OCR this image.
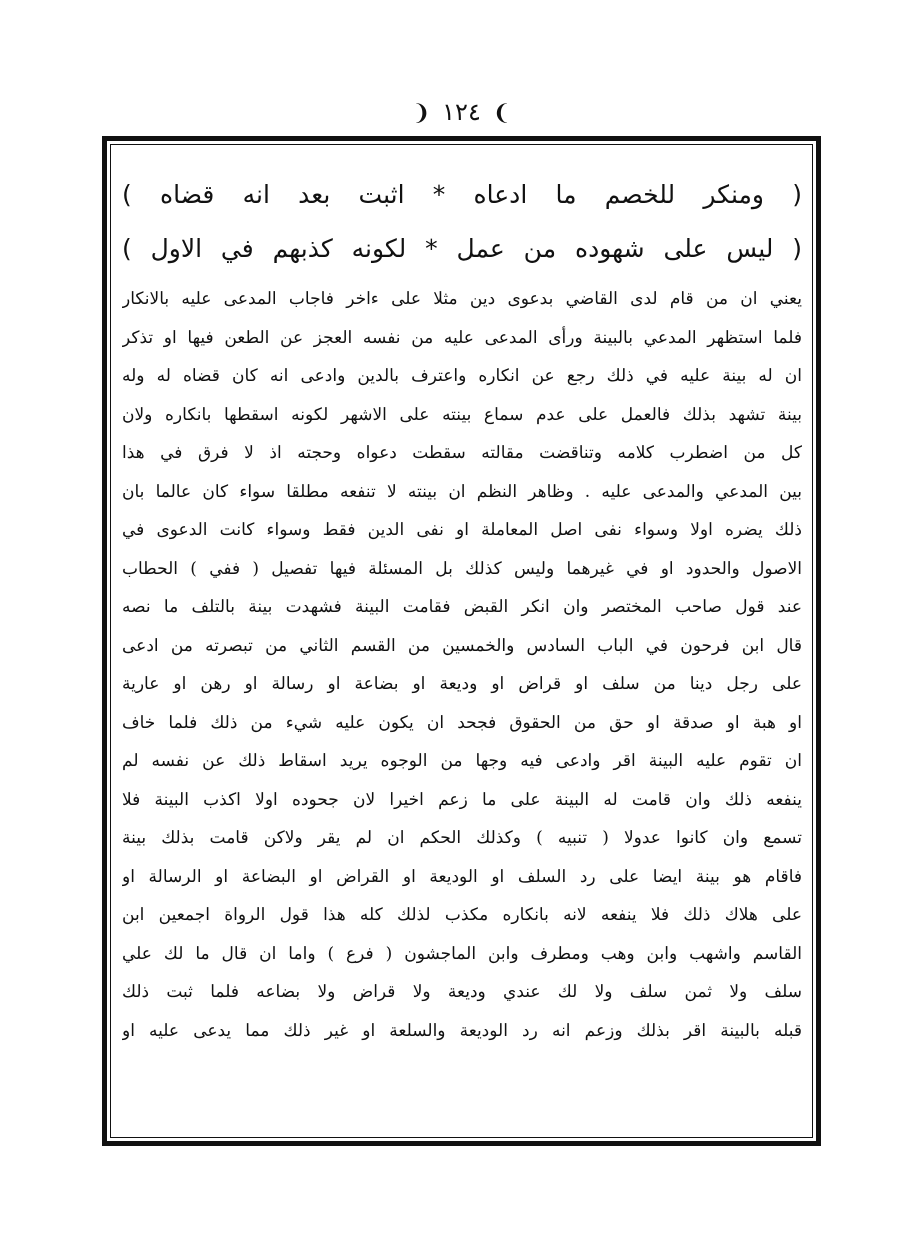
❩ ١٢٤ ❨
( ومنكر للخصم ما ادعاه * اثبت بعد انه قضاه )
( ليس على شهوده من عمل * لكونه كذبهم في الاول )
يعني ان من قام لدى القاضي بدعوى دين مثلا على ءاخر فاجاب المدعى عليه بالانكار
فلما استظهر المدعي بالبينة ورأى المدعى عليه من نفسه العجز عن الطعن فيها او تذكر
ان له بينة عليه في ذلك رجع عن انكاره واعترف بالدين وادعى انه كان قضاه له وله
بينة تشهد بذلك فالعمل على عدم سماع بينته على الاشهر لكونه اسقطها بانكاره ولان
كل من اضطرب كلامه وتناقضت مقالته سقطت دعواه وحجته اذ لا فرق في هذا
بين المدعي والمدعى عليه . وظاهر النظم ان بينته لا تنفعه مطلقا سواء كان عالما بان
ذلك يضره اولا وسواء نفى اصل المعاملة او نفى الدين فقط وسواء كانت الدعوى في
الاصول والحدود او في غيرهما وليس كذلك بل المسئلة فيها تفصيل ( ففي ) الحطاب
عند قول صاحب المختصر وان انكر القبض فقامت البينة فشهدت بينة بالتلف ما نصه
قال ابن فرحون في الباب السادس والخمسين من القسم الثاني من تبصرته من ادعى
على رجل دينا من سلف او قراض او وديعة او بضاعة او رسالة او رهن او عارية
او هبة او صدقة او حق من الحقوق فجحد ان يكون عليه شيء من ذلك فلما خاف
ان تقوم عليه البينة اقر وادعى فيه وجها من الوجوه يريد اسقاط ذلك عن نفسه لم
ينفعه ذلك وان قامت له البينة على ما زعم اخيرا لان جحوده اولا اكذب البينة فلا
تسمع وان كانوا عدولا ( تنبيه ) وكذلك الحكم ان لم يقر ولاكن قامت بذلك بينة
فاقام هو بينة ايضا على رد السلف او الوديعة او القراض او البضاعة او الرسالة او
على هلاك ذلك فلا ينفعه لانه بانكاره مكذب لذلك كله هذا قول الرواة اجمعين ابن
القاسم واشهب وابن وهب ومطرف وابن الماجشون ( فرع ) واما ان قال ما لك علي
سلف ولا ثمن سلف ولا لك عندي وديعة ولا قراض ولا بضاعه فلما ثبت ذلك
قبله بالبينة اقر بذلك وزعم انه رد الوديعة والسلعة او غير ذلك مما يدعى عليه او
